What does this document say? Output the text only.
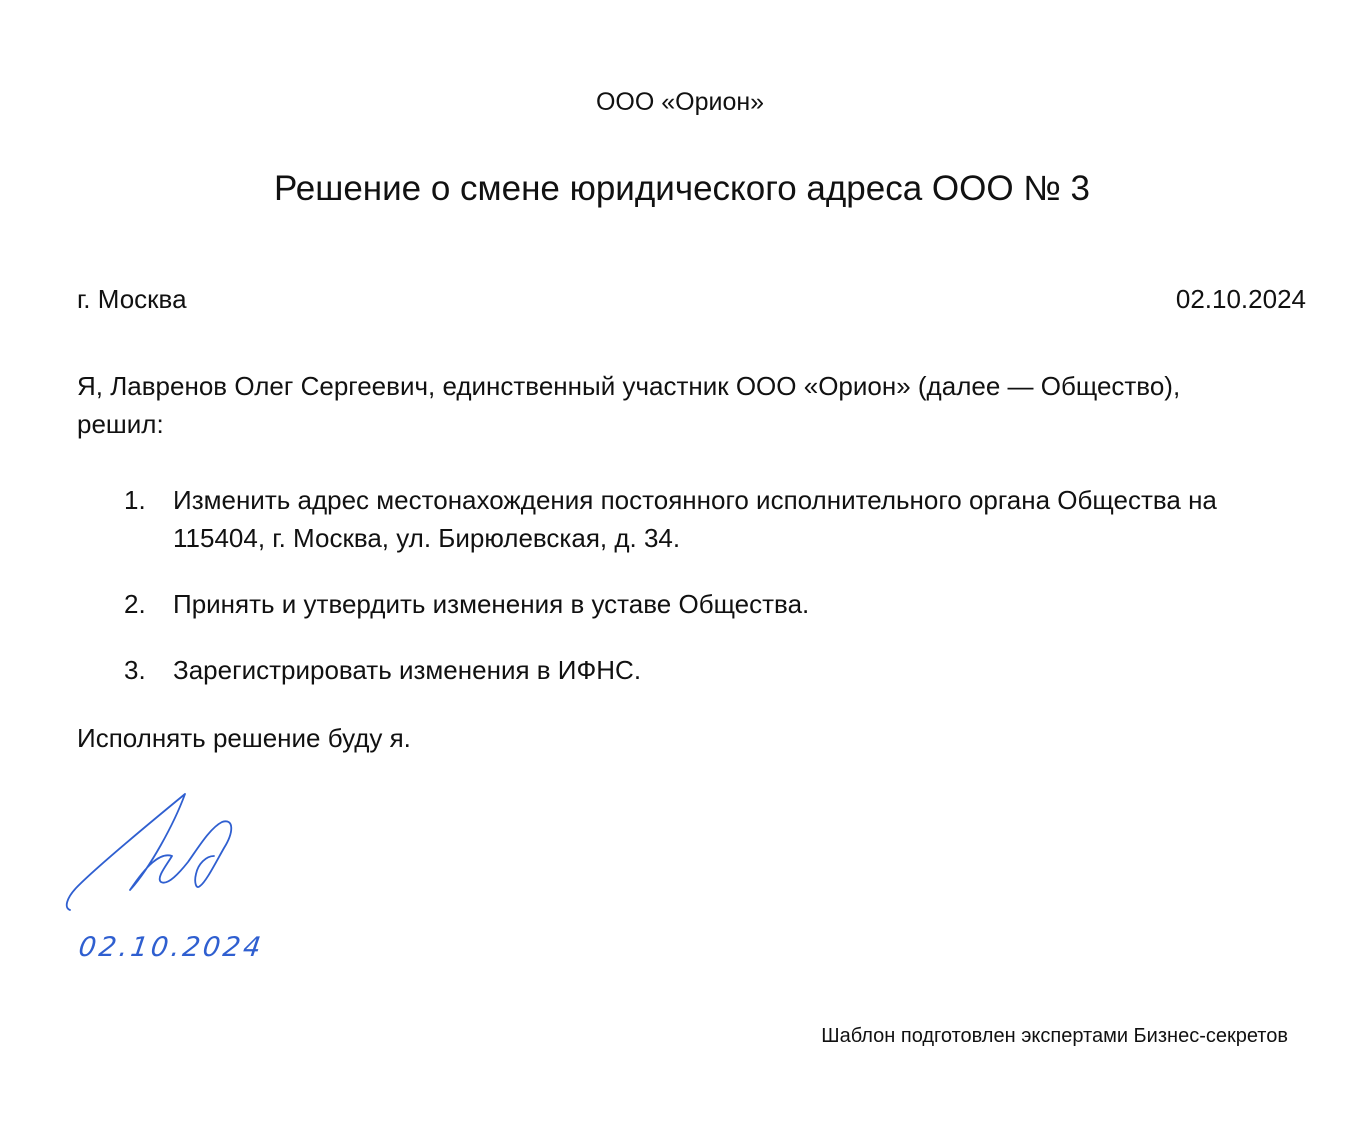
ООО «Орион»
Решение о смене юридического адреса ООО № 3
г. Москва	02.10.2024

Я, Лавренов Олег Сергеевич, единственный участник ООО «Орион» (далее — Общество), решил:

1. Изменить адрес местонахождения постоянного исполнительного органа Общества на 115404, г. Москва, ул. Бирюлевская, д. 34.
2. Принять и утвердить изменения в уставе Общества.
3. Зарегистрировать изменения в ИФНС.
Исполнять решение буду я.
02.10.2024
Шаблон подготовлен экспертами Бизнес-секретов
